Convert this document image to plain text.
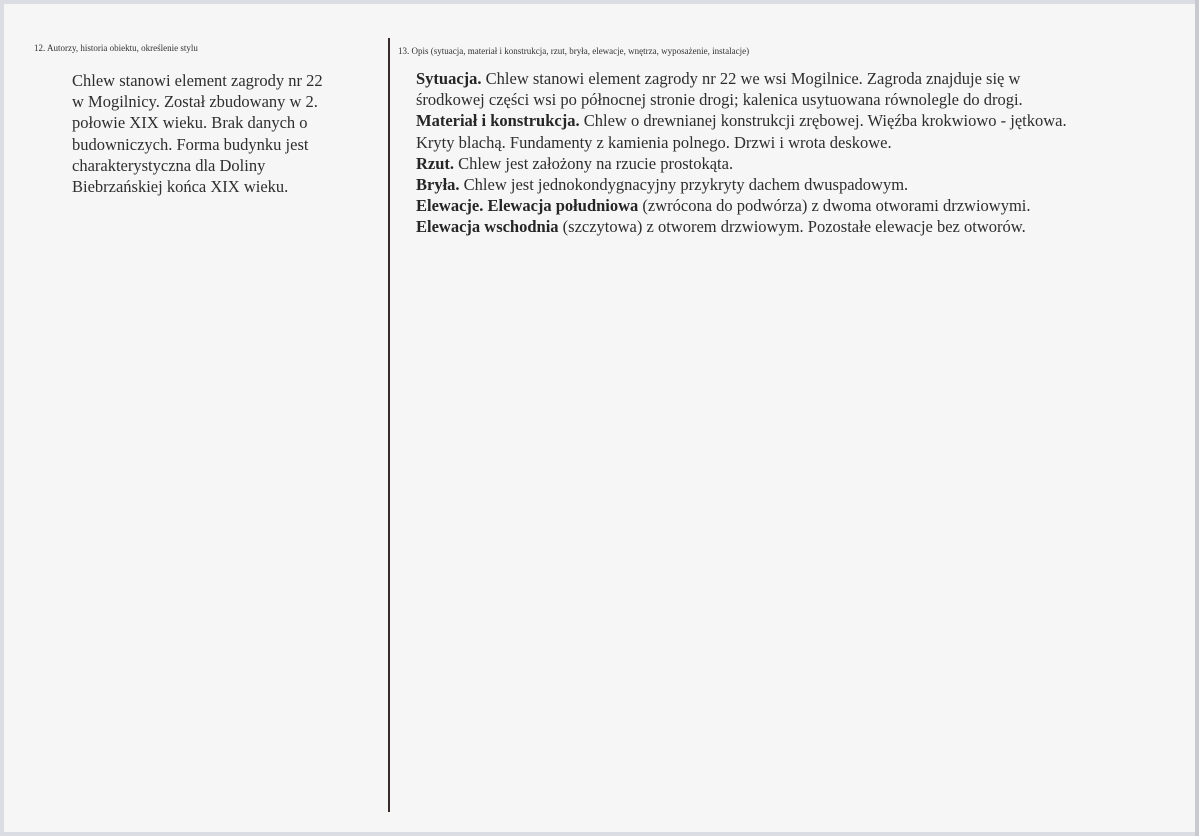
12. Autorzy, historia obiektu, określenie stylu
Chlew stanowi element zagrody nr 22
w Mogilnicy. Został zbudowany w 2.
połowie XIX wieku. Brak danych o
budowniczych. Forma budynku jest
charakterystyczna dla Doliny
Biebrzańskiej końca XIX wieku.
13. Opis (sytuacja, materiał i konstrukcja, rzut, bryła, elewacje, wnętrza, wyposażenie, instalacje)
Sytuacja. Chlew stanowi element zagrody nr 22 we wsi Mogilnice. Zagroda znajduje się w
środkowej części wsi po północnej stronie drogi; kalenica usytuowana równolegle do drogi.
Materiał i konstrukcja. Chlew o drewnianej konstrukcji zrębowej. Więźba krokwiowo - jętkowa.
Kryty blachą. Fundamenty z kamienia polnego. Drzwi i wrota deskowe.
Rzut. Chlew jest założony na rzucie prostokąta.
Bryła. Chlew jest jednokondygnacyjny przykryty dachem dwuspadowym.
Elewacje. Elewacja południowa (zwrócona do podwórza) z dwoma otworami drzwiowymi.
Elewacja wschodnia (szczytowa) z otworem drzwiowym. Pozostałe elewacje bez otworów.
